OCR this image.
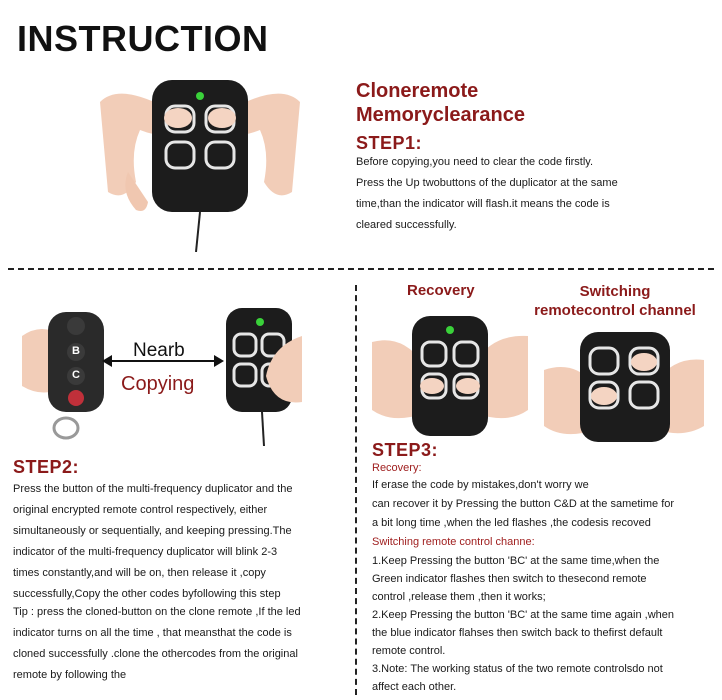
INSTRUCTION
Cloneremote
Memoryclearance
STEP1:
Before copying,you need to clear the code firstly.
Press the Up twobuttons of the duplicator at the same
time,than the indicator will flash.it means the code is
cleared successfully.
B
C
Nearb
Copying
STEP2:
Press the button of the multi-frequency duplicator and the
original encrypted remote control respectively, either
simultaneously or sequentially, and keeping pressing.The
indicator of the multi-frequency duplicator will blink 2-3
times constantly,and will be on, then release it ,copy
successfully,Copy the other codes byfollowing this step
Tip : press the cloned-button on the clone remote ,If the led
indicator turns on all the time , that meansthat the code is
cloned successfully .clone the othercodes from the original
remote by following the
Recovery	Switching
remotecontrol channel
STEP3:
Recovery:
If erase the code by mistakes,don't worry we
can recover it by Pressing the button C&D at the sametime for
a bit long time ,when the led flashes ,the codesis recoved
Switching remote control channe:
1.Keep Pressing the button 'BC' at the same time,when the
Green indicator flashes then switch to thesecond remote
control ,release them ,then it works;
2.Keep Pressing the button 'BC' at the same time again ,when
the blue indicator flahses then switch back to thefirst default
remote control.
3.Note: The working status of the two remote controlsdo not
affect each other.
